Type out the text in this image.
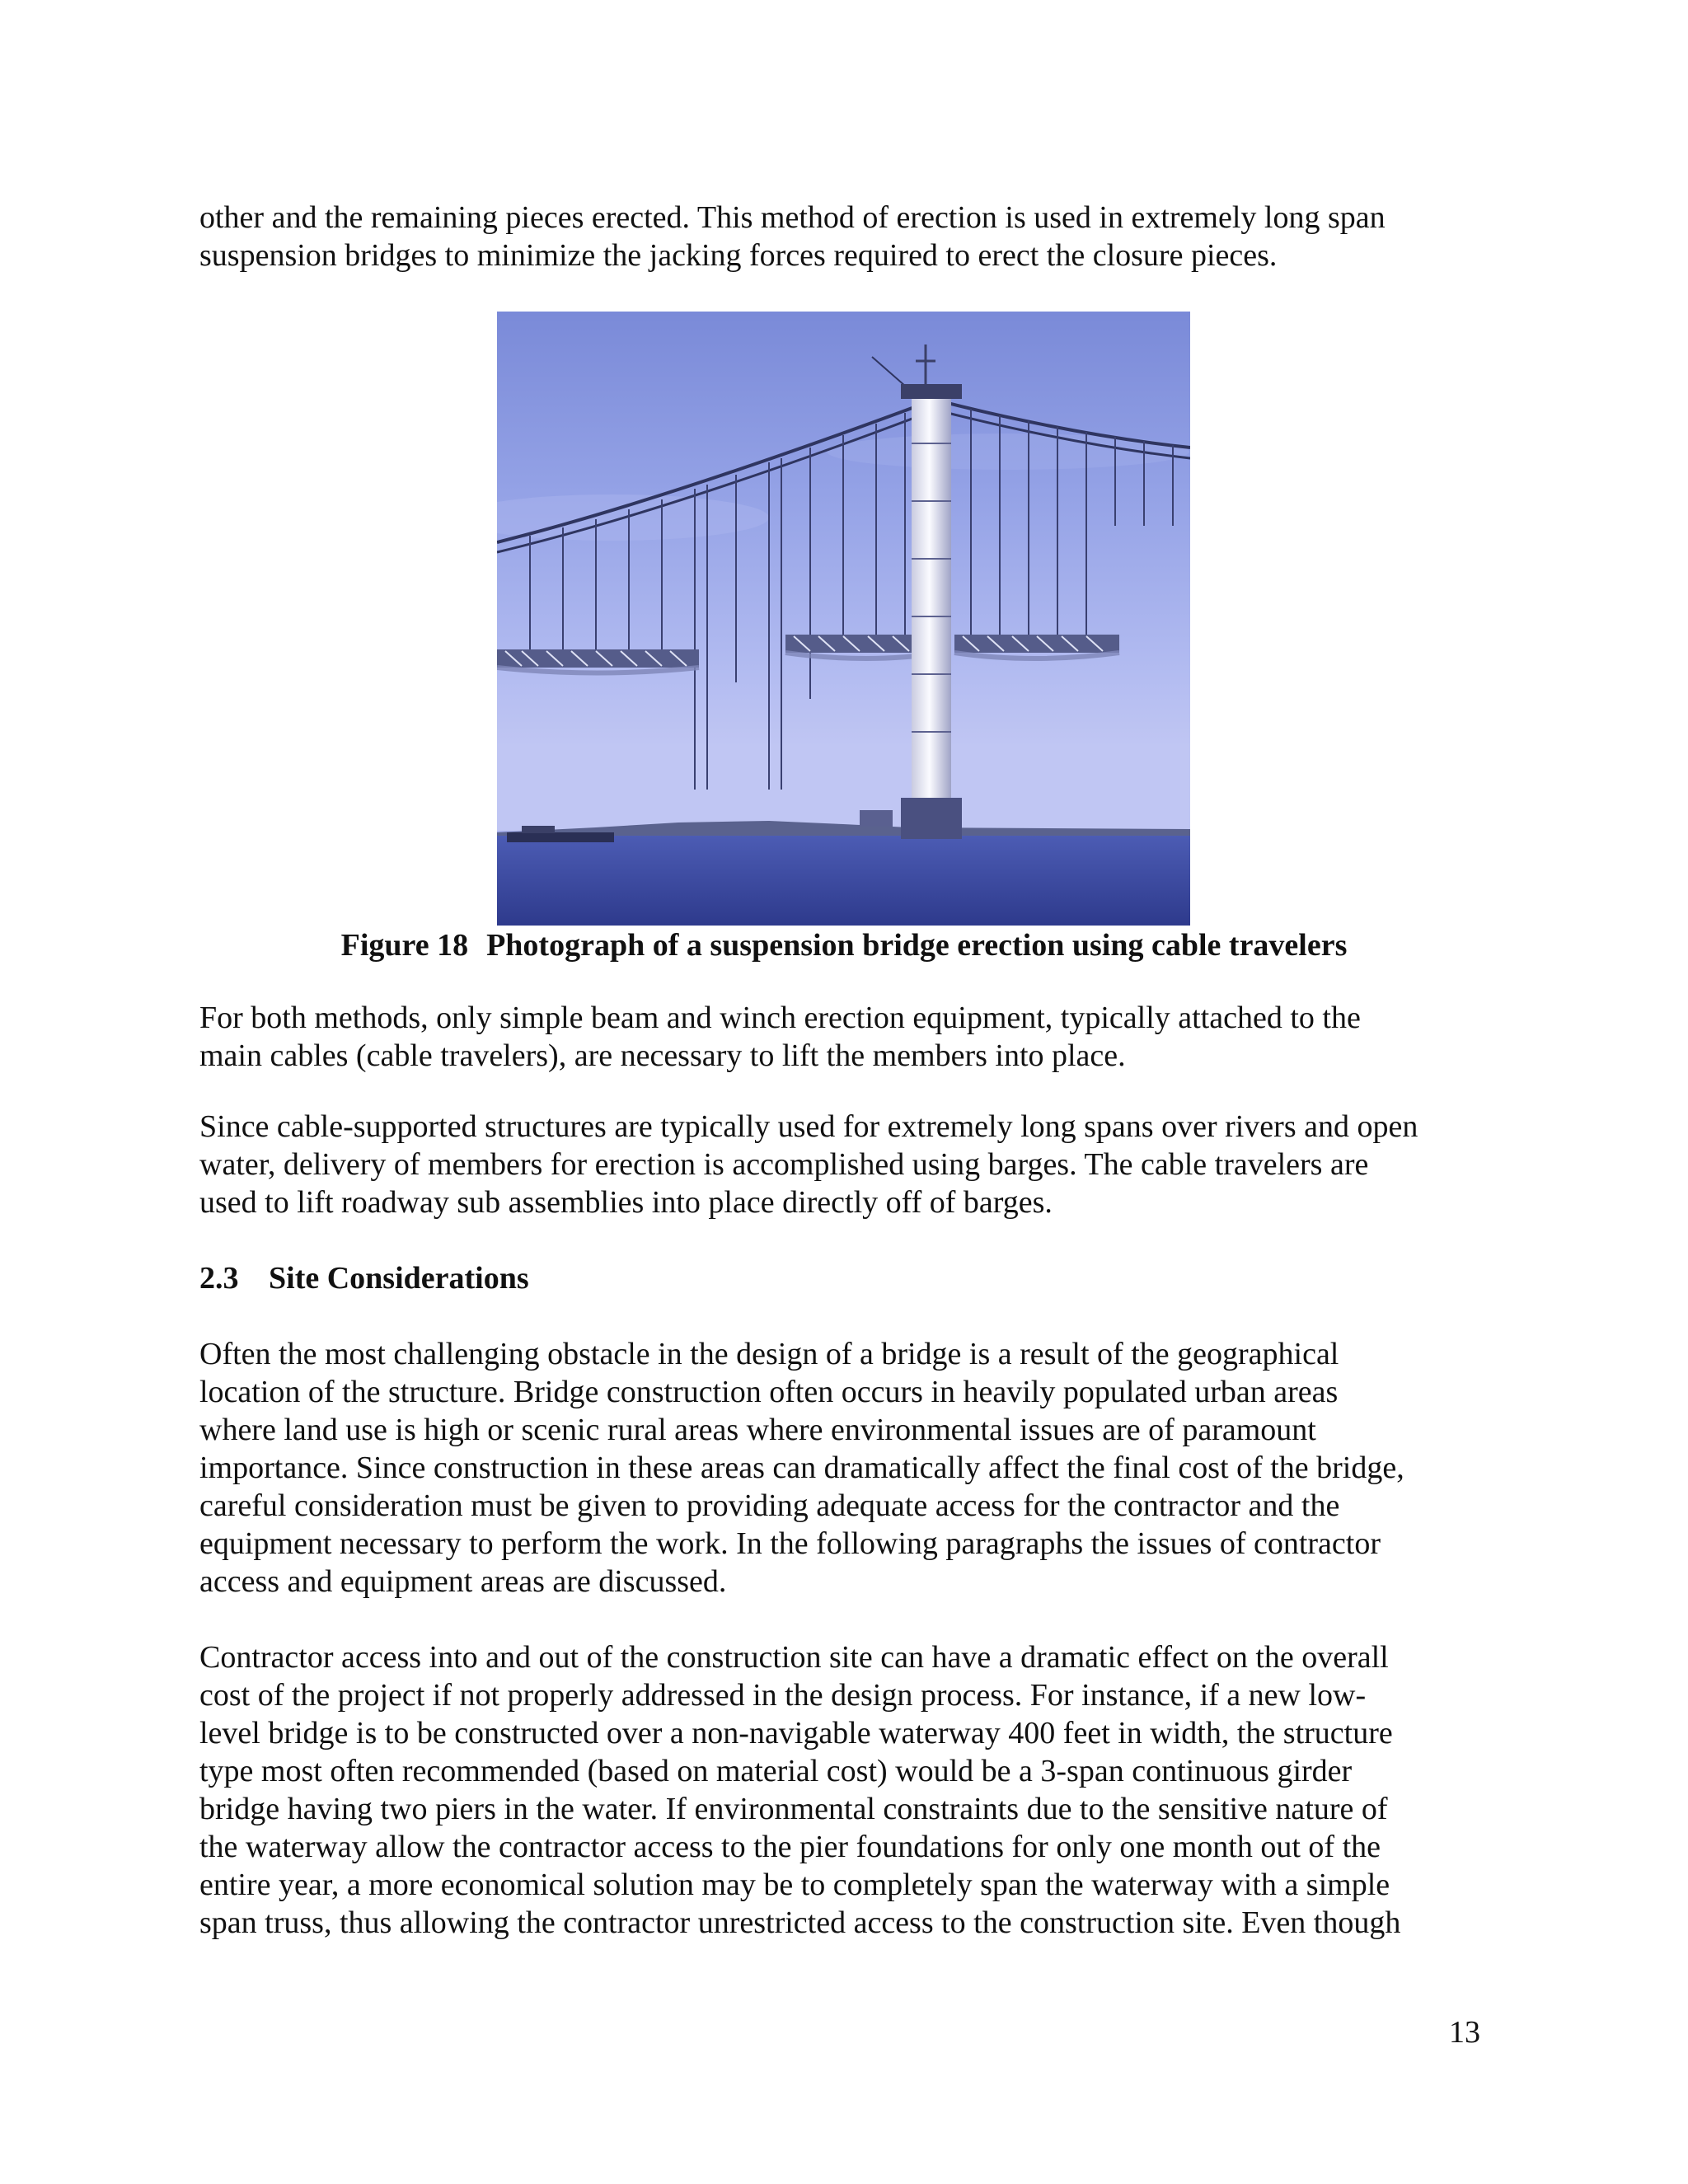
other and the remaining pieces erected. This method of erection is used in extremely long span
suspension bridges to minimize the jacking forces required to erect the closure pieces.

Figure 18 Photograph of a suspension bridge erection using cable travelers

For both methods, only simple beam and winch erection equipment, typically attached to the
main cables (cable travelers), are necessary to lift the members into place.

Since cable-supported structures are typically used for extremely long spans over rivers and open
water, delivery of members for erection is accomplished using barges. The cable travelers are
used to lift roadway sub assemblies into place directly off of barges.

2.3 Site Considerations

Often the most challenging obstacle in the design of a bridge is a result of the geographical
location of the structure. Bridge construction often occurs in heavily populated urban areas
where land use is high or scenic rural areas where environmental issues are of paramount
importance. Since construction in these areas can dramatically affect the final cost of the bridge,
careful consideration must be given to providing adequate access for the contractor and the
equipment necessary to perform the work. In the following paragraphs the issues of contractor
access and equipment areas are discussed.

Contractor access into and out of the construction site can have a dramatic effect on the overall
cost of the project if not properly addressed in the design process. For instance, if a new low-
level bridge is to be constructed over a non-navigable waterway 400 feet in width, the structure
type most often recommended (based on material cost) would be a 3-span continuous girder
bridge having two piers in the water. If environmental constraints due to the sensitive nature of
the waterway allow the contractor access to the pier foundations for only one month out of the
entire year, a more economical solution may be to completely span the waterway with a simple
span truss, thus allowing the contractor unrestricted access to the construction site. Even though

13
